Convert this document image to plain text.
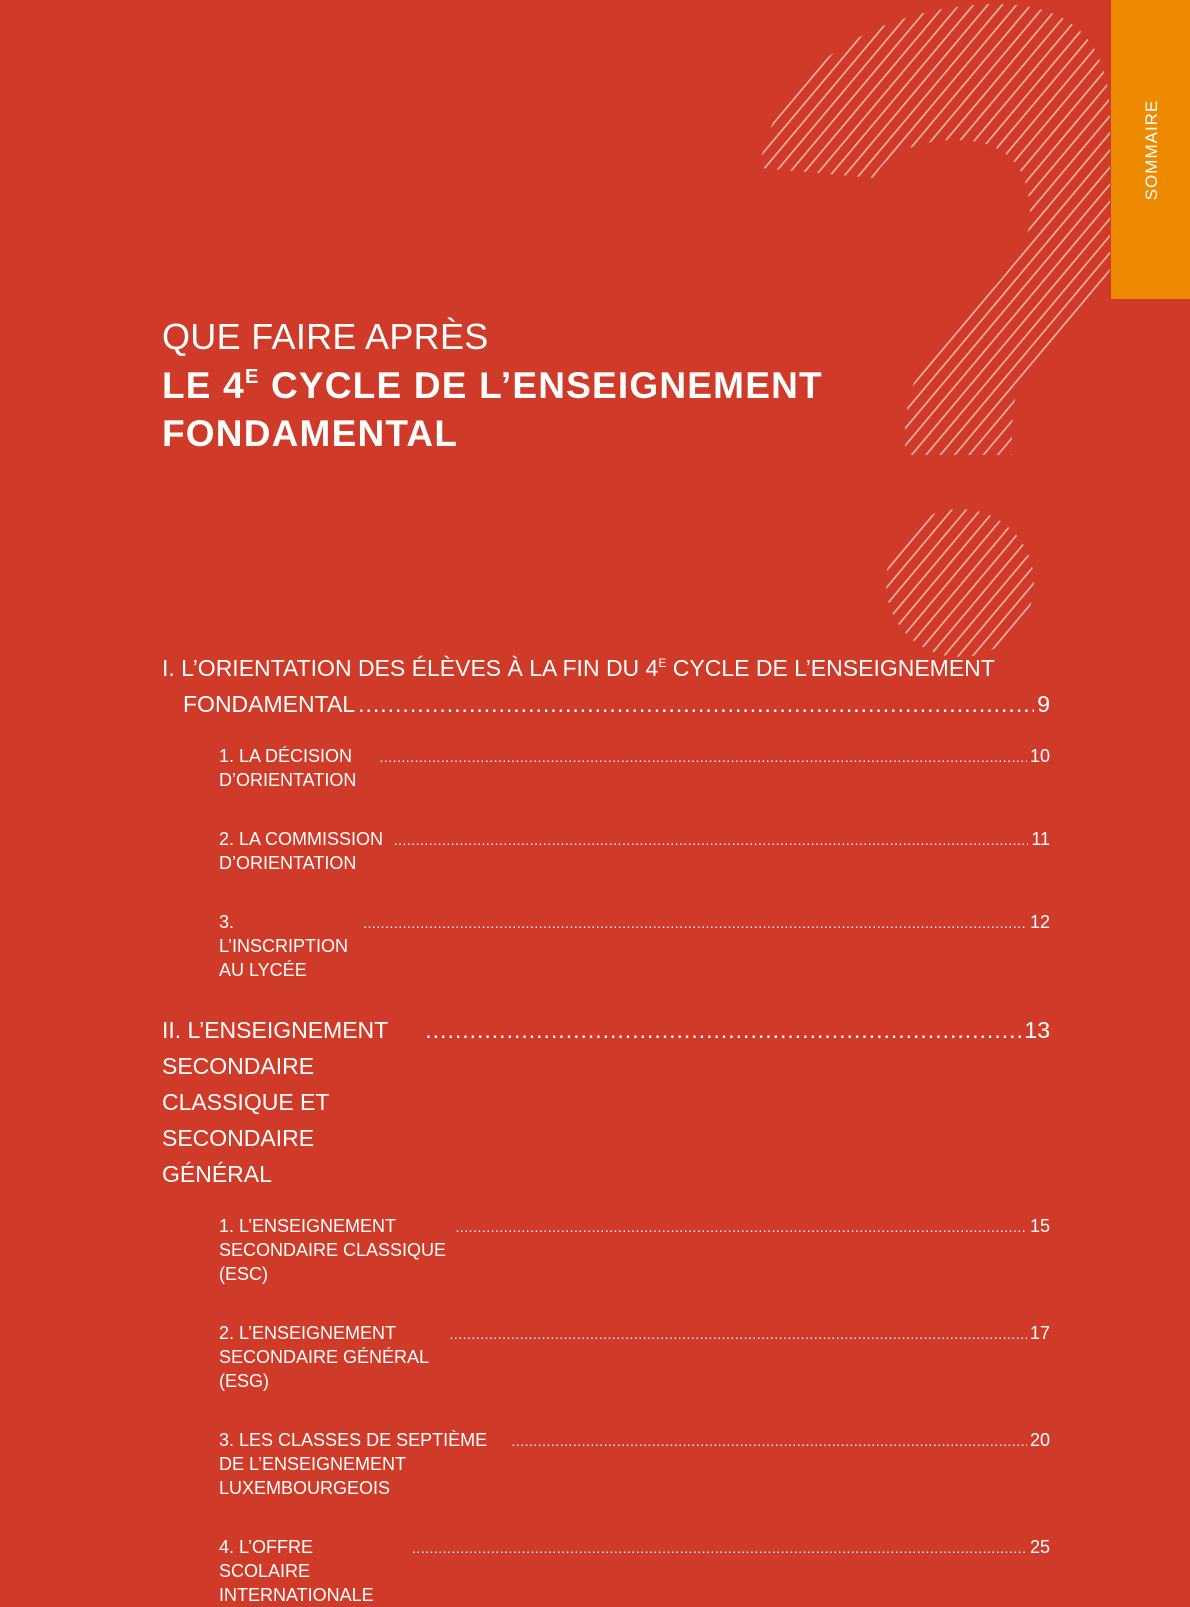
SOMMAIRE
QUE FAIRE APRÈS
LE $4^E$ CYCLE DE L’ENSEIGNEMENT
FONDAMENTAL
I. L’ORIENTATION DES ÉLÈVES À LA FIN DU $4^E$ CYCLE DE L’ENSEIGNEMENT
FONDAMENTAL
.....	9
1. LA DÉCISION D’ORIENTATION
.....
10
2. LA COMMISSION D’ORIENTATION
.....
11
3. L’INSCRIPTION AU LYCÉE
.....
12
II. L’ENSEIGNEMENT SECONDAIRE CLASSIQUE ET SECONDAIRE GÉNÉRAL
.....
13
1. L’ENSEIGNEMENT SECONDAIRE CLASSIQUE (ESC)
.....
15
2. L’ENSEIGNEMENT SECONDAIRE GÉNÉRAL (ESG)
.....
17
3. LES CLASSES DE SEPTIÈME DE L’ENSEIGNEMENT LUXEMBOURGEOIS
.....
20
4. L’OFFRE SCOLAIRE INTERNATIONALE
.....
25
